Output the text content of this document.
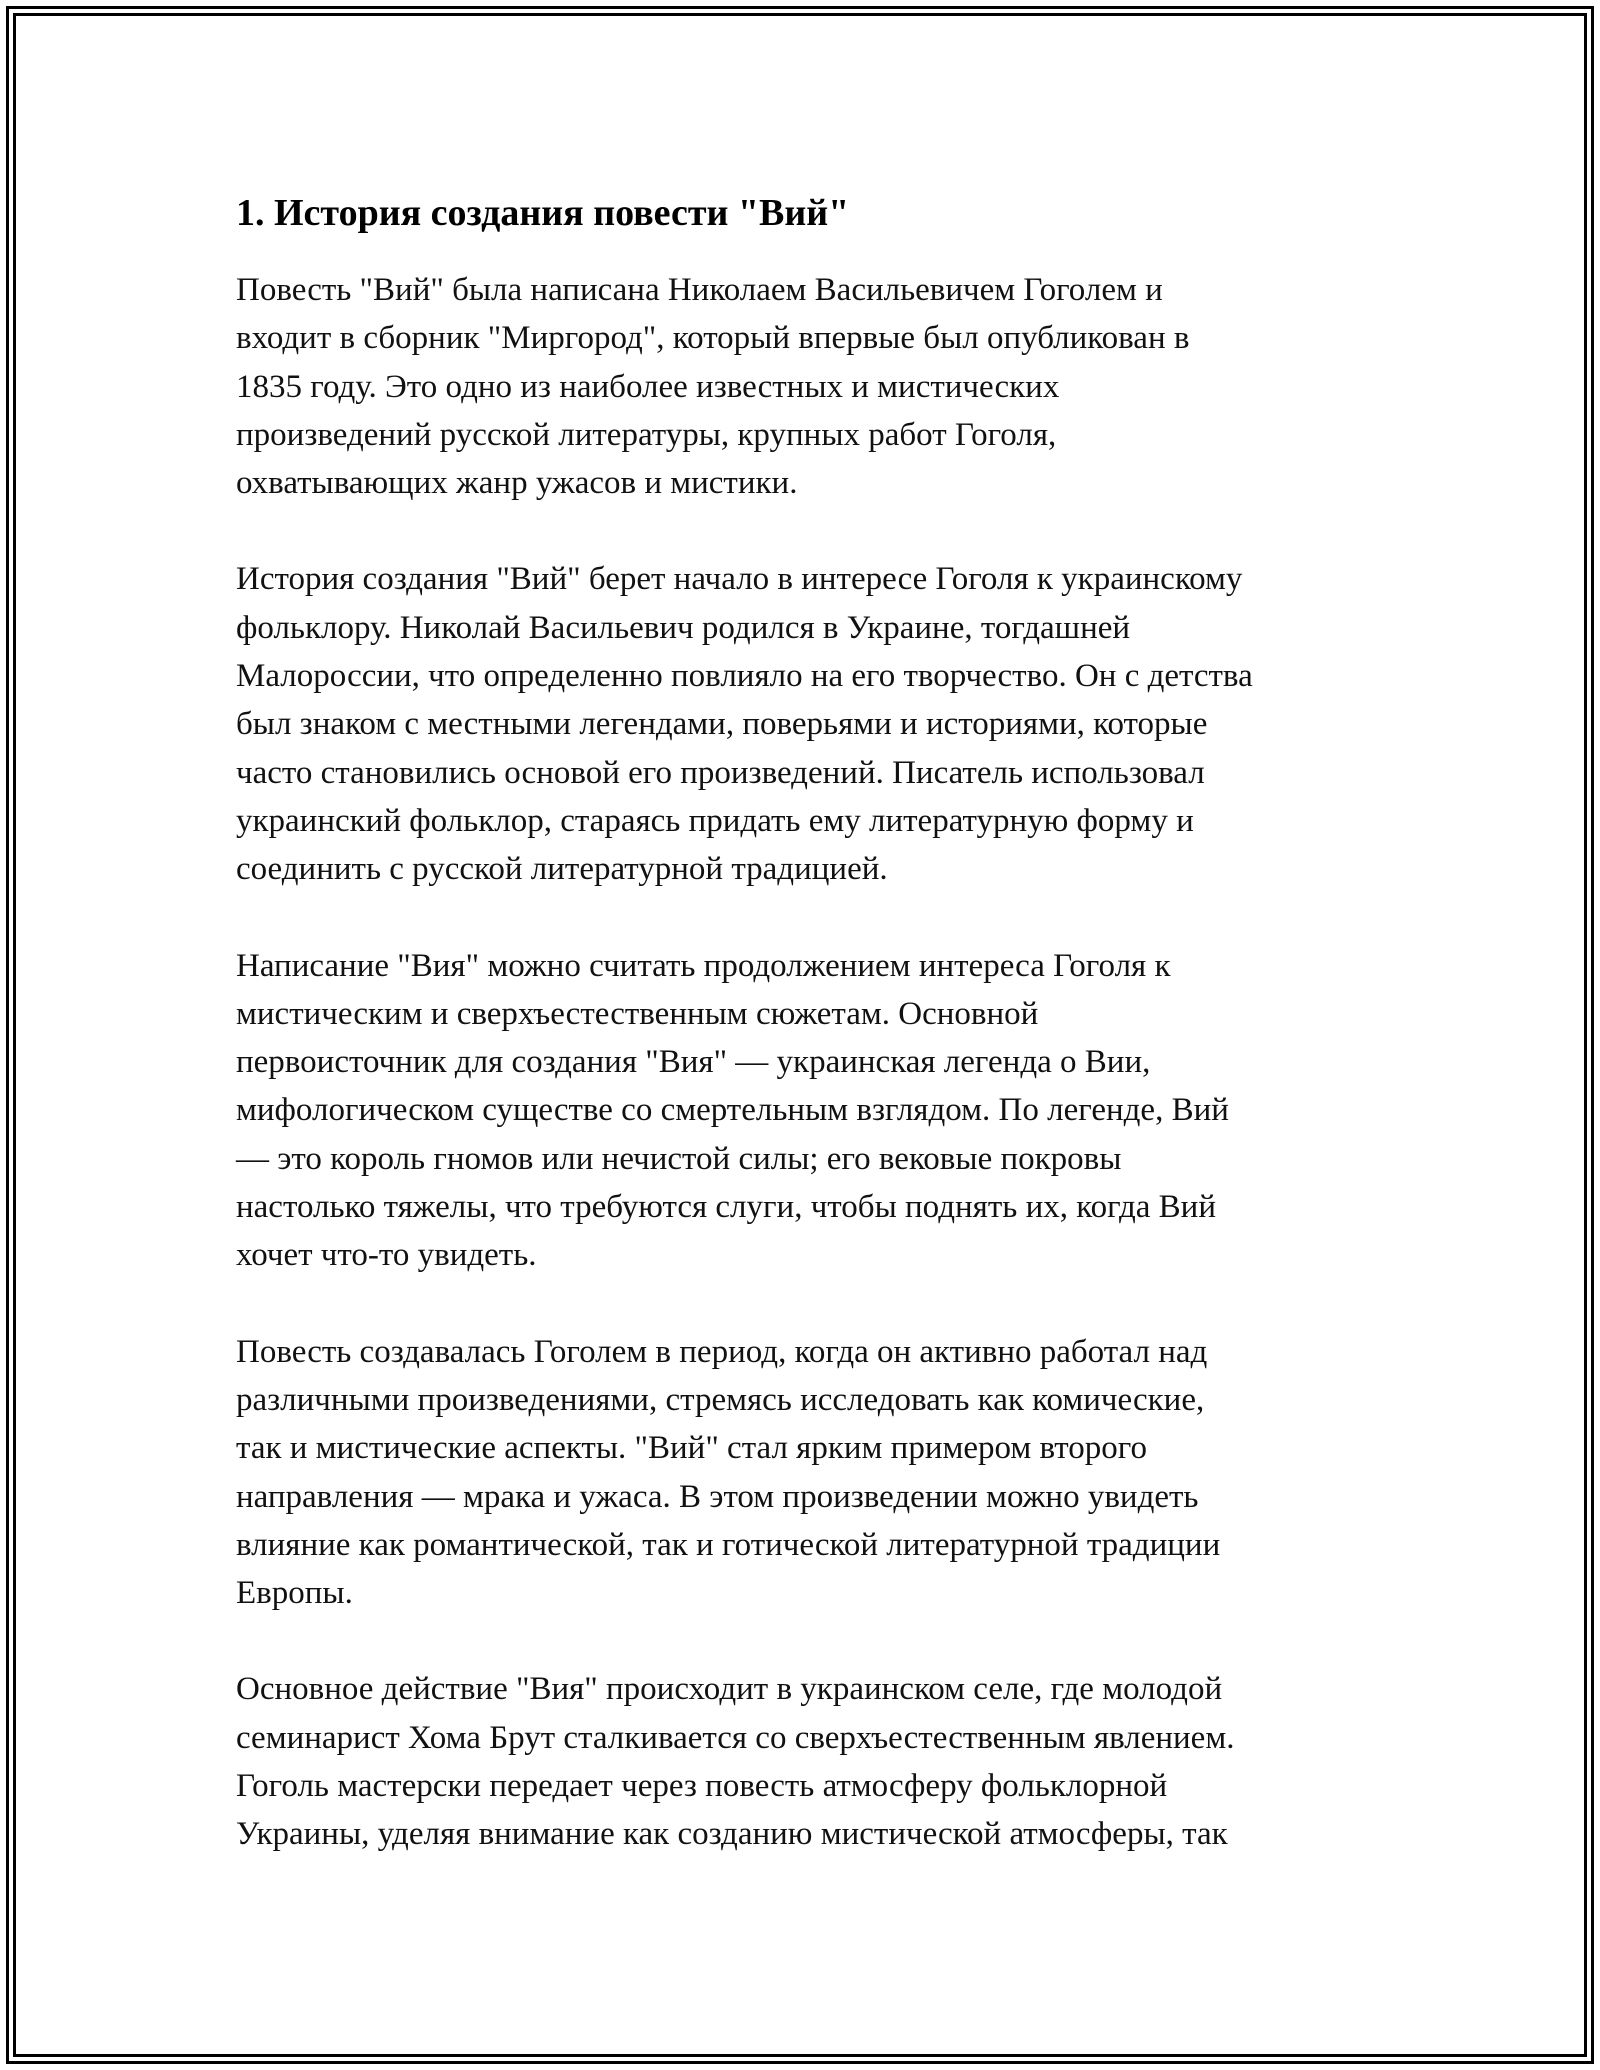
1. История создания повести "Вий"

Повесть "Вий" была написана Николаем Васильевичем Гоголем и
входит в сборник "Миргород", который впервые был опубликован в
1835 году. Это одно из наиболее известных и мистических
произведений русской литературы, крупных работ Гоголя,
охватывающих жанр ужасов и мистики.

История создания "Вий" берет начало в интересе Гоголя к украинскому
фольклору. Николай Васильевич родился в Украине, тогдашней
Малороссии, что определенно повлияло на его творчество. Он с детства
был знаком с местными легендами, поверьями и историями, которые
часто становились основой его произведений. Писатель использовал
украинский фольклор, стараясь придать ему литературную форму и
соединить с русской литературной традицией.

Написание "Вия" можно считать продолжением интереса Гоголя к
мистическим и сверхъестественным сюжетам. Основной
первоисточник для создания "Вия" — украинская легенда о Вии,
мифологическом существе со смертельным взглядом. По легенде, Вий
— это король гномов или нечистой силы; его вековые покровы
настолько тяжелы, что требуются слуги, чтобы поднять их, когда Вий
хочет что-то увидеть.

Повесть создавалась Гоголем в период, когда он активно работал над
различными произведениями, стремясь исследовать как комические,
так и мистические аспекты. "Вий" стал ярким примером второго
направления — мрака и ужаса. В этом произведении можно увидеть
влияние как романтической, так и готической литературной традиции
Европы.

Основное действие "Вия" происходит в украинском селе, где молодой
семинарист Хома Брут сталкивается со сверхъестественным явлением.
Гоголь мастерски передает через повесть атмосферу фольклорной
Украины, уделяя внимание как созданию мистической атмосферы, так
